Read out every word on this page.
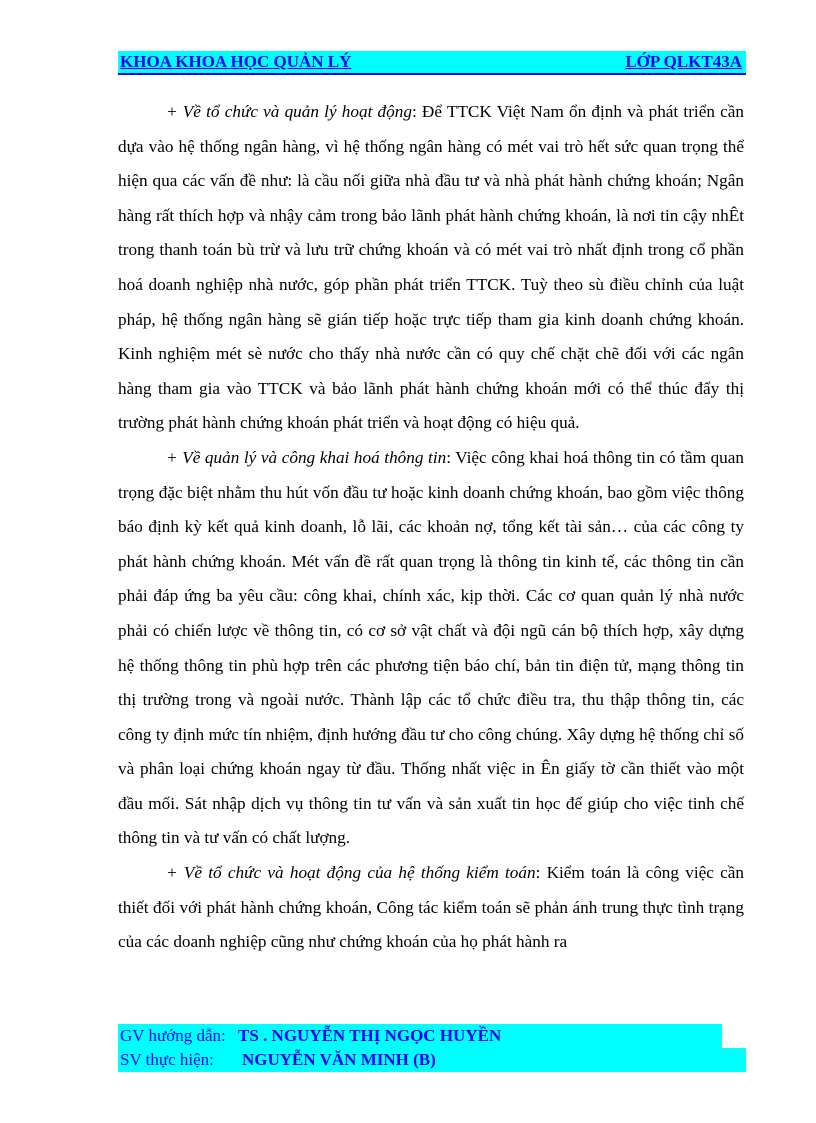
KHOA KHOA HỌC QUẢN LÝ	LỚP QLKT43A

+ Về tổ chức và quản lý hoạt động: Để TTCK Việt Nam ổn định và phát triển cần dựa vào hệ thống ngân hàng, vì hệ thống ngân hàng có mét vai trò hết sức quan trọng thể hiện qua các vấn đề như: là cầu nối giữa nhà đầu tư và nhà phát hành chứng khoán; Ngân hàng rất thích hợp và nhậy cảm trong bảo lãnh phát hành chứng khoán, là nơi tin cậy nhÊt trong thanh toán bù trừ và lưu trữ chứng khoán và có mét vai trò nhất định trong cổ phần hoá doanh nghiệp nhà nước, góp phần phát triển TTCK. Tuỳ theo sù điều chỉnh của luật pháp, hệ thống ngân hàng sẽ gián tiếp hoặc trực tiếp tham gia kinh doanh chứng khoán. Kinh nghiệm mét sè nước cho thấy nhà nước cần có quy chế chặt chẽ đối với các ngân hàng tham gia vào TTCK và bảo lãnh phát hành chứng khoán mới có thể thúc đẩy thị trường phát hành chứng khoán phát triển và hoạt động có hiệu quả.

+ Về quản lý và công khai hoá thông tin: Việc công khai hoá thông tin có tầm quan trọng đặc biệt nhằm thu hút vốn đầu tư hoặc kinh doanh chứng khoán, bao gồm việc thông báo định kỳ kết quả kinh doanh, lỗ lãi, các khoản nợ, tổng kết tài sản… của các công ty phát hành chứng khoán. Mét vấn đề rất quan trọng là thông tin kinh tế, các thông tin cần phải đáp ứng ba yêu cầu: công khai, chính xác, kịp thời. Các cơ quan quản lý nhà nước phải có chiến lược về thông tin, có cơ sở vật chất và đội ngũ cán bộ thích hợp, xây dựng hệ thống thông tin phù hợp trên các phương tiện báo chí, bản tin điện tử, mạng thông tin thị trường trong và ngoài nước. Thành lập các tổ chức điều tra, thu thập thông tin, các công ty định mức tín nhiệm, định hướng đầu tư cho công chúng. Xây dựng hệ thống chỉ số và phân loại chứng khoán ngay từ đầu. Thống nhất việc in Ên giấy tờ cần thiết vào một đầu mối. Sát nhập dịch vụ thông tin tư vấn và sản xuất tin học để giúp cho việc tinh chế thông tin và tư vấn có chất lượng.

+ Về tổ chức và hoạt động của hệ thống kiểm toán: Kiểm toán là công việc cần thiết đối với phát hành chứng khoán, Công tác kiểm toán sẽ phản ánh trung thực tình trạng của các doanh nghiệp cũng như chứng khoán của họ phát hành ra

GV hướng dẫn: TS . NGUYỄN THỊ NGỌC HUYỀN
SV thực hiện: NGUYỄN VĂN MINH (B)
